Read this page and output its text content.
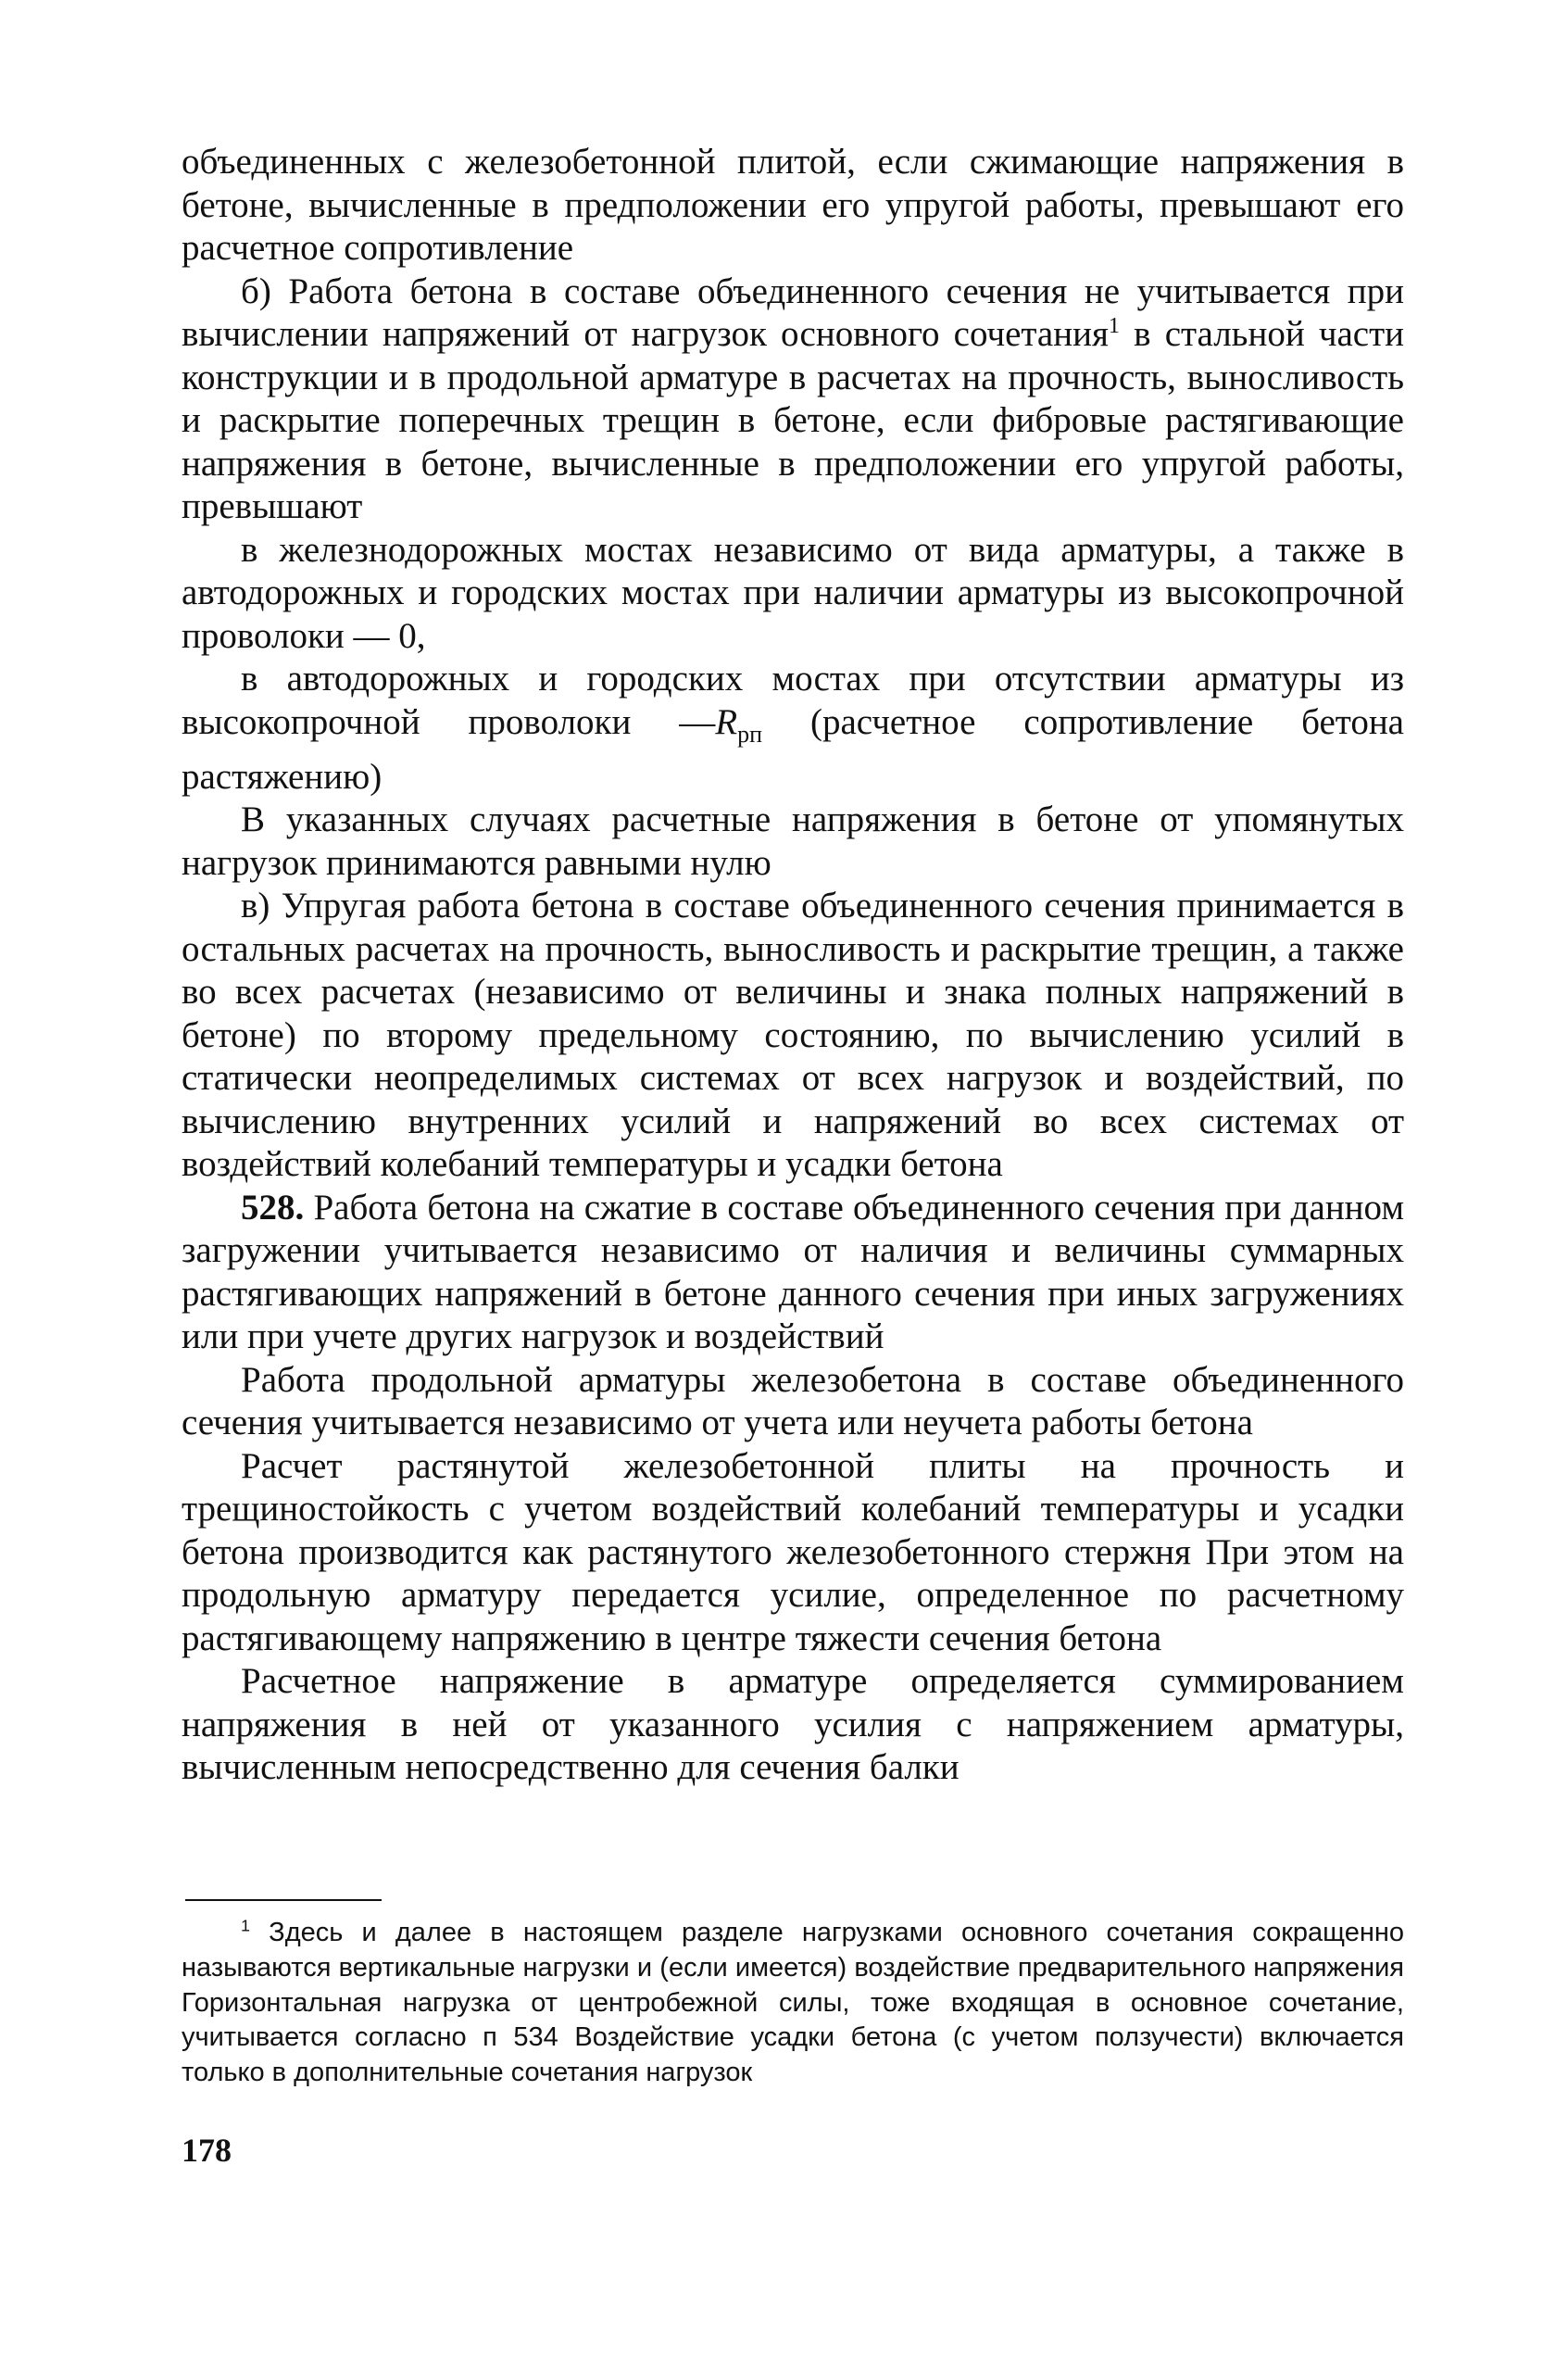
объединенных с железобетонной плитой, если сжимающие напряжения в бетоне, вычисленные в предположении его упругой работы, превышают его расчетное сопротивление

б) Работа бетона в составе объединенного сечения не учитывается при вычислении напряжений от нагрузок основного сочетания$^1$ в стальной части конструкции и в продольной арматуре в расчетах на прочность, выносливость и раскрытие поперечных трещин в бетоне, если фибровые растягивающие напряжения в бетоне, вычисленные в предположении его упругой работы, превышают

в железнодорожных мостах независимо от вида арматуры, а также в автодорожных и городских мостах при наличии арматуры из высокопрочной проволоки — 0,

в автодорожных и городских мостах при отсутствии арматуры из высокопрочной проволоки $—R_{рп}$ (расчетное сопротивление бетона растяжению)

В указанных случаях расчетные напряжения в бетоне от упомянутых нагрузок принимаются равными нулю

в) Упругая работа бетона в составе объединенного сечения принимается в остальных расчетах на прочность, выносливость и раскрытие трещин, а также во всех расчетах (независимо от величины и знака полных напряжений в бетоне) по второму предельному состоянию, по вычислению усилий в статически неопределимых системах от всех нагрузок и воздействий, по вычислению внутренних усилий и напряжений во всех системах от воздействий колебаний температуры и усадки бетона

528. Работа бетона на сжатие в составе объединенного сечения при данном загружении учитывается независимо от наличия и величины суммарных растягивающих напряжений в бетоне данного сечения при иных загружениях или при учете других нагрузок и воздействий

Работа продольной арматуры железобетона в составе объединенного сечения учитывается независимо от учета или неучета работы бетона

Расчет растянутой железобетонной плиты на прочность и трещиностойкость с учетом воздействий колебаний температуры и усадки бетона производится как растянутого железобетонного стержня При этом на продольную арматуру передается усилие, определенное по расчетному растягивающему напряжению в центре тяжести сечения бетона

Расчетное напряжение в арматуре определяется суммированием напряжения в ней от указанного усилия с напряжением арматуры, вычисленным непосредственно для сечения балки

$^1$ Здесь и далее в настоящем разделе нагрузками основного сочетания сокращенно называются вертикальные нагрузки и (если имеется) воздействие предварительного напряжения Горизонтальная нагрузка от центробежной силы, тоже входящая в основное сочетание, учитывается согласно п 534 Воздействие усадки бетона (с учетом ползучести) включается только в дополнительные сочетания нагрузок

178
